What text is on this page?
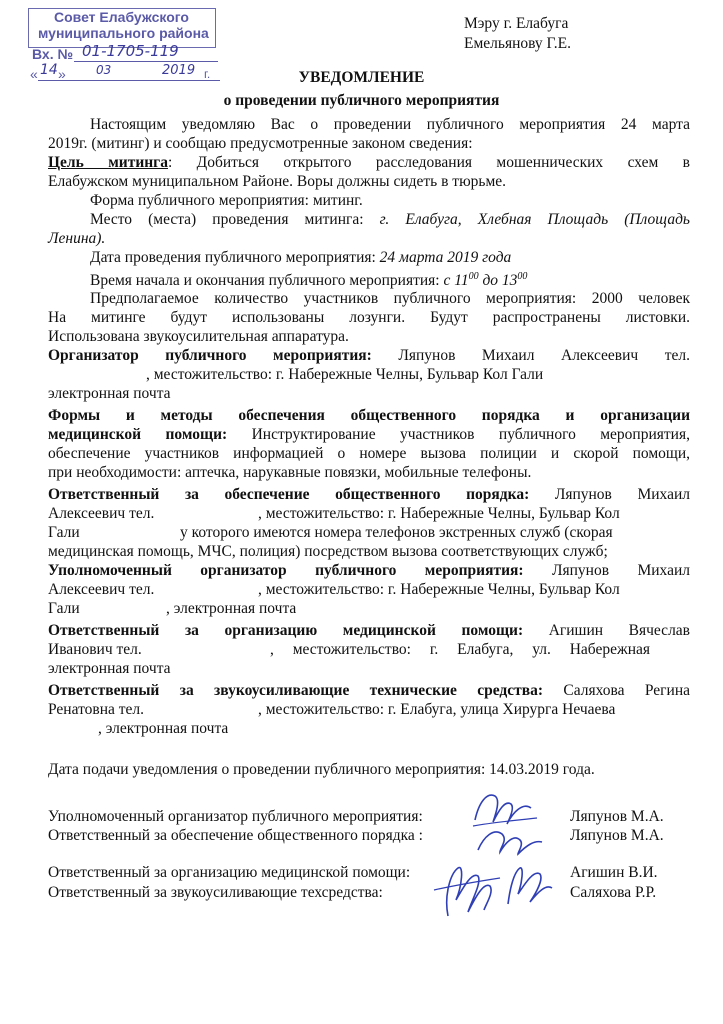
Совет Елабужского
муниципального района
Вх. № 01-1705-119
« 14 »	03	2019 г.
Мэру г. Елабуга
Емельянову Г.Е.
УВЕДОМЛЕНИЕ
о проведении публичного мероприятия
Настоящим уведомляю Вас о проведении публичного мероприятия 24 марта
2019г. (митинг) и сообщаю предусмотренные законом сведения:
Цель митинга: Добиться открытого расследования мошеннических схем в
Елабужском муниципальном Районе. Воры должны сидеть в тюрьме.
Форма публичного мероприятия: митинг.
Место (места) проведения митинга: г. Елабуга, Хлебная Площадь (Площадь
Ленина).
Дата проведения публичного мероприятия: 24 марта 2019 года
Время начала и окончания публичного мероприятия: с $11^{00}$ до $13^{00}$
Предполагаемое количество участников публичного мероприятия: 2000 человек
На митинге будут использованы лозунги. Будут распространены листовки.
Использована звукоусилительная аппаратура.
Организатор публичного мероприятия: Ляпунов Михаил Алексеевич тел.
, местожительство: г. Набережные Челны, Бульвар Кол Гали
электронная почта
Формы и методы обеспечения общественного порядка и организации
медицинской помощи: Инструктирование участников публичного мероприятия,
обеспечение участников информацией о номере вызова полиции и скорой помощи,
при необходимости: аптечка, нарукавные повязки, мобильные телефоны.
Ответственный за обеспечение общественного порядка: Ляпунов Михаил
Алексеевич тел.	, местожительство: г. Набережные Челны, Бульвар Кол
Гали	у которого имеются номера телефонов экстренных служб (скорая
медицинская помощь, МЧС, полиция) посредством вызова соответствующих служб;
Уполномоченный организатор публичного мероприятия: Ляпунов Михаил
Алексеевич тел.	, местожительство: г. Набережные Челны, Бульвар Кол
Гали	, электронная почта
Ответственный за организацию медицинской помощи: Агишин Вячеслав
Иванович тел.	, местожительство: г. Елабуга, ул. Набережная
электронная почта
Ответственный за звукоусиливающие технические средства: Саляхова Регина
Ренатовна тел.	, местожительство: г. Елабуга, улица Хирурга Нечаева
, электронная почта
Дата подачи уведомления о проведении публичного мероприятия: 14.03.2019 года.
Уполномоченный организатор публичного мероприятия:	Ляпунов М.А.
Ответственный за обеспечение общественного порядка :	Ляпунов М.А.
Ответственный за организацию медицинской помощи:	Агишин В.И.
Ответственный за звукоусиливающие техсредства:	Саляхова Р.Р.
